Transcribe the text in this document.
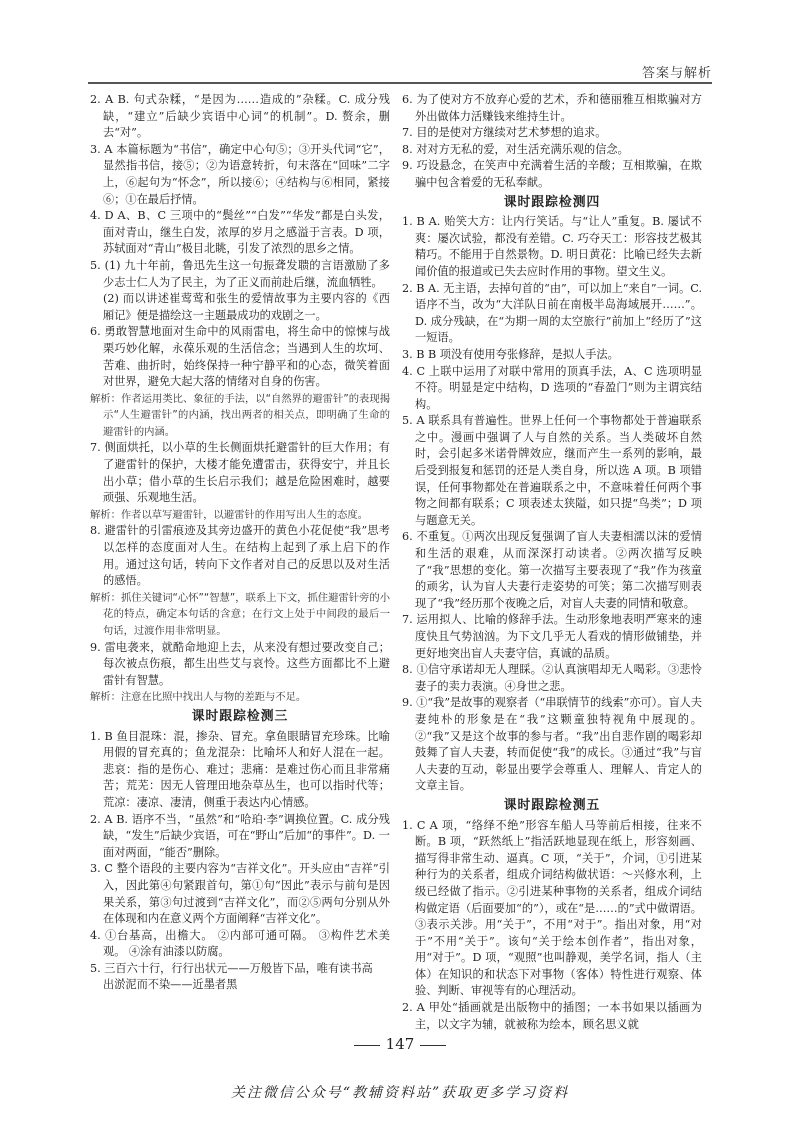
答案与解析

2. A B. 句式杂糅，“是因为……造成的”杂糅。C. 成分残缺，“建立”后缺少宾语中心词“的机制”。D. 赘余，删去“对”。

3. A 本篇标题为“书信”，确定中心句⑤；③开头代词“它”，显然指书信，接⑤；②为语意转折，句末落在“回味”二字上，⑥起句为“怀念”，所以接⑥；④结构与⑥相同，紧接⑥；①在最后抒情。

4. D A、B、C 三项中的“鬓丝”“白发”“华发”都是白头发，面对青山，继生白发，浓厚的岁月之感溢于言表。D 项，苏轼面对“青山”极目北眺，引发了浓烈的思乡之情。

5. (1) 九十年前，鲁迅先生这一句振聋发聩的言语激励了多少志士仁人为了民主，为了正义而前赴后继，流血牺牲。

(2) 而以讲述崔莺莺和张生的爱情故事为主要内容的《西厢记》便是描绘这一主题最成功的戏剧之一。

6. 勇敢智慧地面对生命中的风雨雷电，将生命中的惊悚与战栗巧妙化解，永葆乐观的生活信念；当遇到人生的坎坷、苦难、曲折时，始终保持一种宁静平和的心态，微笑着面对世界，避免大起大落的情绪对自身的伤害。

解析：作者运用类比、象征的手法，以“自然界的避雷针”的表现揭示“人生避雷针”的内涵，找出两者的相关点，即明确了生命的避雷针的内涵。

7. 侧面烘托，以小草的生长侧面烘托避雷针的巨大作用；有了避雷针的保护，大楼才能免遭雷击，获得安宁，并且长出小草；借小草的生长启示我们；越是危险困难时，越要顽强、乐观地生活。

解析：作者以草写避雷针，以避雷针的作用写出人生的态度。

8. 避雷针的引雷痕迹及其旁边盛开的黄色小花促使“我”思考以怎样的态度面对人生。在结构上起到了承上启下的作用。通过这句话，转向下文作者对自己的反思以及对生活的感悟。

解析：抓住关键词“心怀”“智慧”，联系上下文，抓住避雷针旁的小花的特点，确定本句话的含意；在行文上处于中间段的最后一句话，过渡作用非常明显。

9. 雷电袭来，就酷命地迎上去，从来没有想过要改变自己；每次被点伤痕，都生出些艾与哀怜。这些方面都比不上避雷针有智慧。

解析：注意在比照中找出人与物的差距与不足。

课时跟踪检测三

1. B 鱼目混珠：混，掺杂、冒充。拿鱼眼睛冒充珍珠。比喻用假的冒充真的；鱼龙混杂：比喻坏人和好人混在一起。悲哀：指的是伤心、难过；悲痛：是难过伤心而且非常痛苦；荒芜：因无人管理田地杂草丛生，也可以指时代等；荒凉：凄凉、凄清，侧重于表达内心情感。

2. A B. 语序不当，“虽然”和“哈珀·李”调换位置。C. 成分残缺，“发生”后缺少宾语，可在“野山”后加“的事件”。D. 一面对两面，“能否”删除。

3. C 整个语段的主要内容为“吉祥文化”。开头应由“吉祥”引入，因此第④句紧跟首句，第①句“因此”表示与前句是因果关系，第③句过渡到“吉祥文化”，而②⑤两句分别从外在体现和内在意义两个方面阐释“吉祥文化”。

4. ①台基高，出檐大。 ②内部可通可隔。 ③构件艺术美观。 ④涂有油漆以防腐。

5. 三百六十行，行行出状元——万般皆下品，唯有读书高

出淤泥而不染——近墨者黑

6. 为了使对方不放弃心爱的艺术，乔和德丽雅互相欺骗对方外出做体力活赚钱来维持生计。

7. 目的是使对方继续对艺术梦想的追求。

8. 对对方无私的爱，对生活充满乐观的信念。

9. 巧设悬念，在笑声中充满着生活的辛酸；互相欺骗，在欺骗中包含着爱的无私奉献。

课时跟踪检测四

1. B A. 贻笑大方：让内行笑话。与“让人”重复。B. 屡试不爽：屡次试验，都没有差错。C. 巧夺天工：形容技艺极其精巧。不能用于自然景物。D. 明日黄花：比喻已经失去新闻价值的报道或已失去应时作用的事物。望文生义。

2. B A. 无主语，去掉句首的“由”，可以加上“来自”一词。C. 语序不当，改为“大洋队日前在南极半岛海域展开……”。D. 成分残缺，在“为期一周的太空旅行”前加上“经历了”这一短语。

3. B B 项没有使用夸张修辞，是拟人手法。

4. C 上联中运用了对联中常用的顶真手法，A、C 选项明显不符。明显是定中结构，D 选项的“春盈门”则为主谓宾结构。

5. A 联系具有普遍性。世界上任何一个事物都处于普遍联系之中。漫画中强调了人与自然的关系。当人类破坏自然时，会引起多米诺骨牌效应，继而产生一系列的影响，最后受到报复和惩罚的还是人类自身，所以选 A 项。B 项错误，任何事物都处在普遍联系之中，不意味着任何两个事物之间都有联系；C 项表述太狭隘，如只提“鸟类”；D 项与题意无关。

6. 不重复。①两次出现反复强调了盲人夫妻相濡以沫的爱情和生活的艰难，从而深深打动读者。②两次描写反映了“我”思想的变化。第一次描写主要表现了“我”作为孩童的顽劣，认为盲人夫妻行走姿势的可笑；第二次描写则表现了“我”经历那个夜晚之后，对盲人夫妻的同情和敬意。

7. 运用拟人、比喻的修辞手法。生动形象地表明严寒来的速度快且气势汹汹。为下文几乎无人看戏的情形做铺垫，并更好地突出盲人夫妻守信，真诚的品质。

8. ①信守承诺却无人理睬。②认真演唱却无人喝彩。③悲怜妻子的卖力表演。④身世之悲。

9. ①“我”是故事的观察者（“串联情节的线索”亦可）。盲人夫妻纯朴的形象是在“我”这颗童独特视角中展现的。②“我”又是这个故事的参与者。“我”出自悲作剧的喝彩却鼓舞了盲人夫妻，转而促使“我”的成长。③通过“我”与盲人夫妻的互动，彰显出要学会尊重人、理解人、肯定人的文章主旨。

课时跟踪检测五

1. C A 项，“络绎不绝”形容车船人马等前后相接，往来不断。B 项，“跃然纸上”指活跃地显现在纸上，形容刻画、描写得非常生动、逼真。C 项，“关于”，介词，①引进某种行为的关系者，组成介词结构做状语：～兴修水利，上级已经做了指示。②引进某种事物的关系者，组成介词结构做定语（后面要加“的”），或在“是……的”式中做谓语。③表示关涉。用“关于”，不用“对于”。指出对象，用“对于”不用“关于”。该句“关于绘本创作者”，指出对象，用“对于”。D 项，“观照”也叫静观，美学名词，指人（主体）在知识的和状态下对事物（客体）特性进行观察、体验、判断、审视等有的心理活动。

2. A 甲处“插画就是出版物中的插图；一本书如果以插画为主，以文字为辅，就被称为绘本，顾名思义就

147
关注微信公众号“教辅资料站”获取更多学习资料
